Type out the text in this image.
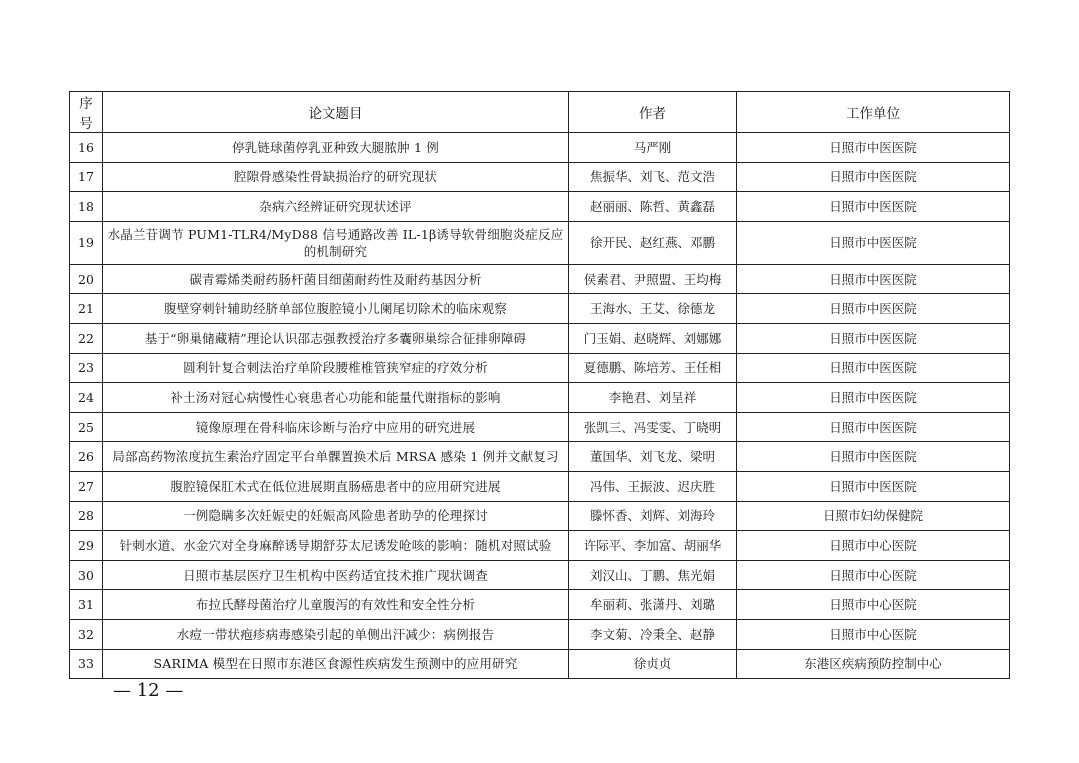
序号	论文题目	作者	工作单位
16	停乳链球菌停乳亚种致大腿脓肿 1 例	马严刚	日照市中医医院
17	腔隙骨感染性骨缺损治疗的研究现状	焦振华、刘飞、范文浩	日照市中医医院
18	杂病六经辨证研究现状述评	赵丽丽、陈哲、黄鑫磊	日照市中医医院
19	水晶兰苷调节 PUM1-TLR4/MyD88 信号通路改善 IL-1β诱导软骨细胞炎症反应的机制研究	徐开民、赵红燕、邓鹏	日照市中医医院
20	碳青霉烯类耐药肠杆菌目细菌耐药性及耐药基因分析	侯素君、尹照盟、王均梅	日照市中医医院
21	腹壁穿刺针辅助经脐单部位腹腔镜小儿阑尾切除术的临床观察	王海水、王艾、徐德龙	日照市中医医院
22	基于“卵巢储藏精”理论认识邵志强教授治疗多囊卵巢综合征排卵障碍	门玉娟、赵晓辉、刘娜娜	日照市中医医院
23	圆利针复合刺法治疗单阶段腰椎椎管狭窄症的疗效分析	夏德鹏、陈培芳、王任相	日照市中医医院
24	补土汤对冠心病慢性心衰患者心功能和能量代谢指标的影响	李艳君、刘呈祥	日照市中医医院
25	镜像原理在骨科临床诊断与治疗中应用的研究进展	张凯三、冯雯雯、丁晓明	日照市中医医院
26	局部高药物浓度抗生素治疗固定平台单髁置换术后 MRSA 感染 1 例并文献复习	董国华、刘飞龙、梁明	日照市中医医院
27	腹腔镜保肛术式在低位进展期直肠癌患者中的应用研究进展	冯伟、王振波、迟庆胜	日照市中医医院
28	一例隐瞒多次妊娠史的妊娠高风险患者助孕的伦理探讨	滕怀香、刘辉、刘海玲	日照市妇幼保健院
29	针刺水道、水金穴对全身麻醉诱导期舒芬太尼诱发呛咳的影响：随机对照试验	许际平、李加富、胡丽华	日照市中心医院
30	日照市基层医疗卫生机构中医药适宜技术推广现状调查	刘汉山、丁鹏、焦光娟	日照市中心医院
31	布拉氏酵母菌治疗儿童腹泻的有效性和安全性分析	牟丽莉、张潇丹、刘璐	日照市中心医院
32	水痘一带状疱疹病毒感染引起的单侧出汗减少：病例报告	李文菊、冷秉全、赵静	日照市中心医院
33	SARIMA 模型在日照市东港区食源性疾病发生预测中的应用研究	徐贞贞	东港区疾病预防控制中心
— 12 —
